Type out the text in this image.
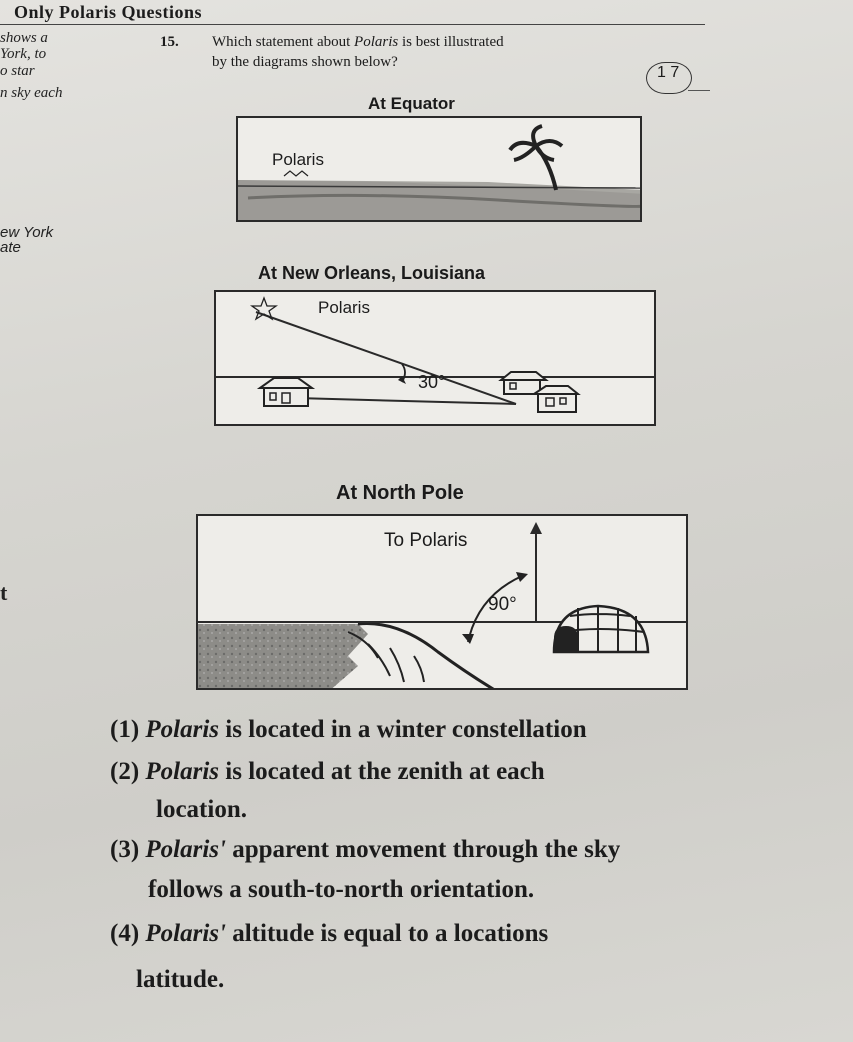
Only Polaris Questions
shows a
York, to
o star
n sky each
ew York
ate
t
15. Which statement about Polaris is best illustrated
by the diagrams shown below?
1 7
At Equator
Polaris
At New Orleans, Louisiana
Polaris
30°
At North Pole
To Polaris
90°
(1) Polaris is located in a winter constellation
(2) Polaris is located at the zenith at each
location.
(3) Polaris' apparent movement through the sky
follows a south-to-north orientation.
(4) Polaris' altitude is equal to a locations
latitude.
